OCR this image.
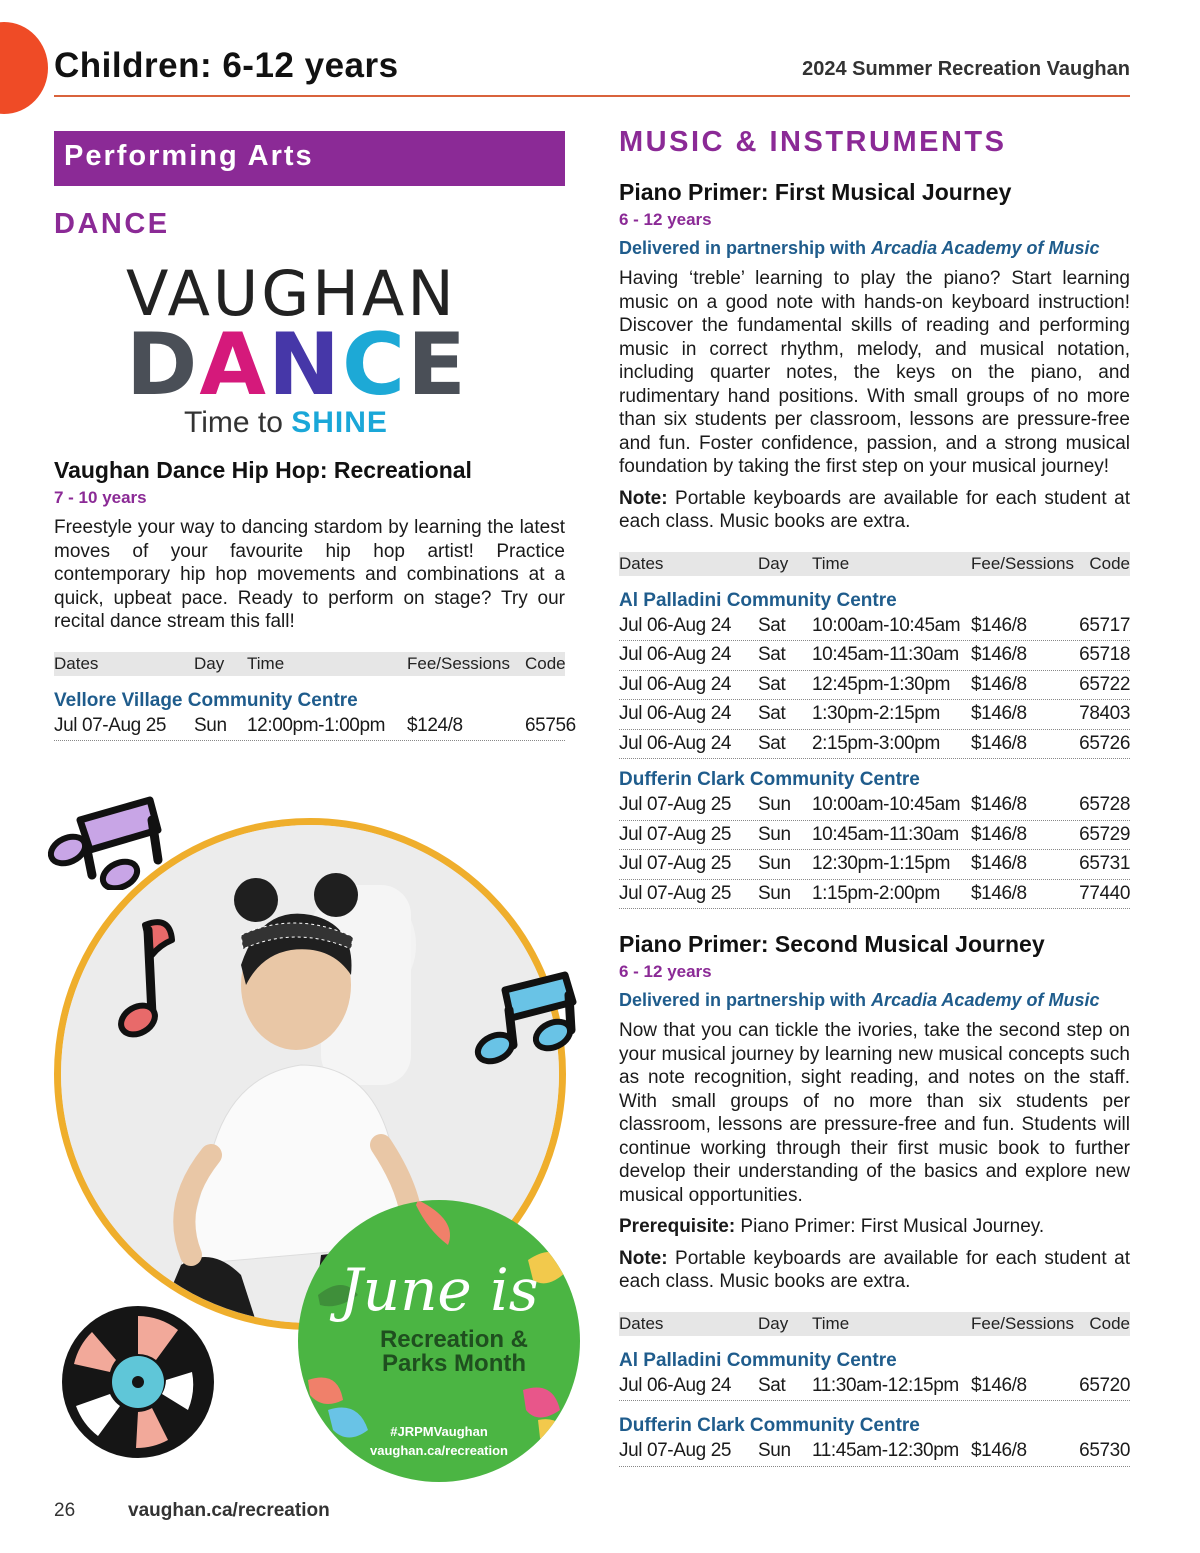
Children: 6-12 years	2024 Summer Recreation Vaughan
Performing Arts
DANCE
VAUGHAN
DANCE
Time to SHINE
Vaughan Dance Hip Hop: Recreational
7 - 10 years
Freestyle your way to dancing stardom by learning the latest moves of your favourite hip hop artist! Practice contemporary hip hop movements and combinations at a quick, upbeat pace. Ready to perform on stage? Try our recital dance stream this fall!
Dates	Day	Time	Fee/Sessions Code
Vellore Village Community Centre
Jul 07-Aug 25	Sun	12:00pm-1:00pm	$124/8	65756
June is
Recreation &
Parks Month
#JRPMVaughan
vaughan.ca/recreation
MUSIC & INSTRUMENTS
Piano Primer: First Musical Journey
6 - 12 years
Delivered in partnership with Arcadia Academy of Music
Having ‘treble’ learning to play the piano? Start learning music on a good note with hands-on keyboard instruction! Discover the fundamental skills of reading and performing music in correct rhythm, melody, and musical notation, including quarter notes, the keys on the piano, and rudimentary hand positions. With small groups of no more than six students per classroom, lessons are pressure-free and fun. Foster confidence, passion, and a strong musical foundation by taking the first step on your musical journey!
Note: Portable keyboards are available for each student at each class. Music books are extra.
Dates	Day	Time	Fee/Sessions Code
Al Palladini Community Centre
Jul 06-Aug 24	Sat	10:00am-10:45am $146/8	65717
Jul 06-Aug 24	Sat	10:45am-11:30am $146/8	65718
Jul 06-Aug 24	Sat	12:45pm-1:30pm	$146/8	65722
Jul 06-Aug 24	Sat	1:30pm-2:15pm	$146/8	78403
Jul 06-Aug 24	Sat	2:15pm-3:00pm	$146/8	65726
Dufferin Clark Community Centre
Jul 07-Aug 25	Sun	10:00am-10:45am $146/8	65728
Jul 07-Aug 25	Sun	10:45am-11:30am $146/8	65729
Jul 07-Aug 25	Sun	12:30pm-1:15pm	$146/8	65731
Jul 07-Aug 25	Sun	1:15pm-2:00pm	$146/8	77440
Piano Primer: Second Musical Journey
6 - 12 years
Delivered in partnership with Arcadia Academy of Music
Now that you can tickle the ivories, take the second step on your musical journey by learning new musical concepts such as note recognition, sight reading, and notes on the staff. With small groups of no more than six students per classroom, lessons are pressure-free and fun. Students will continue working through their first music book to further develop their understanding of the basics and explore new musical opportunities.
Prerequisite: Piano Primer: First Musical Journey.
Note: Portable keyboards are available for each student at each class. Music books are extra.
Dates	Day	Time	Fee/Sessions Code
Al Palladini Community Centre
Jul 06-Aug 24	Sat	11:30am-12:15pm $146/8	65720
Dufferin Clark Community Centre
Jul 07-Aug 25	Sun	11:45am-12:30pm $146/8	65730
26	vaughan.ca/recreation
